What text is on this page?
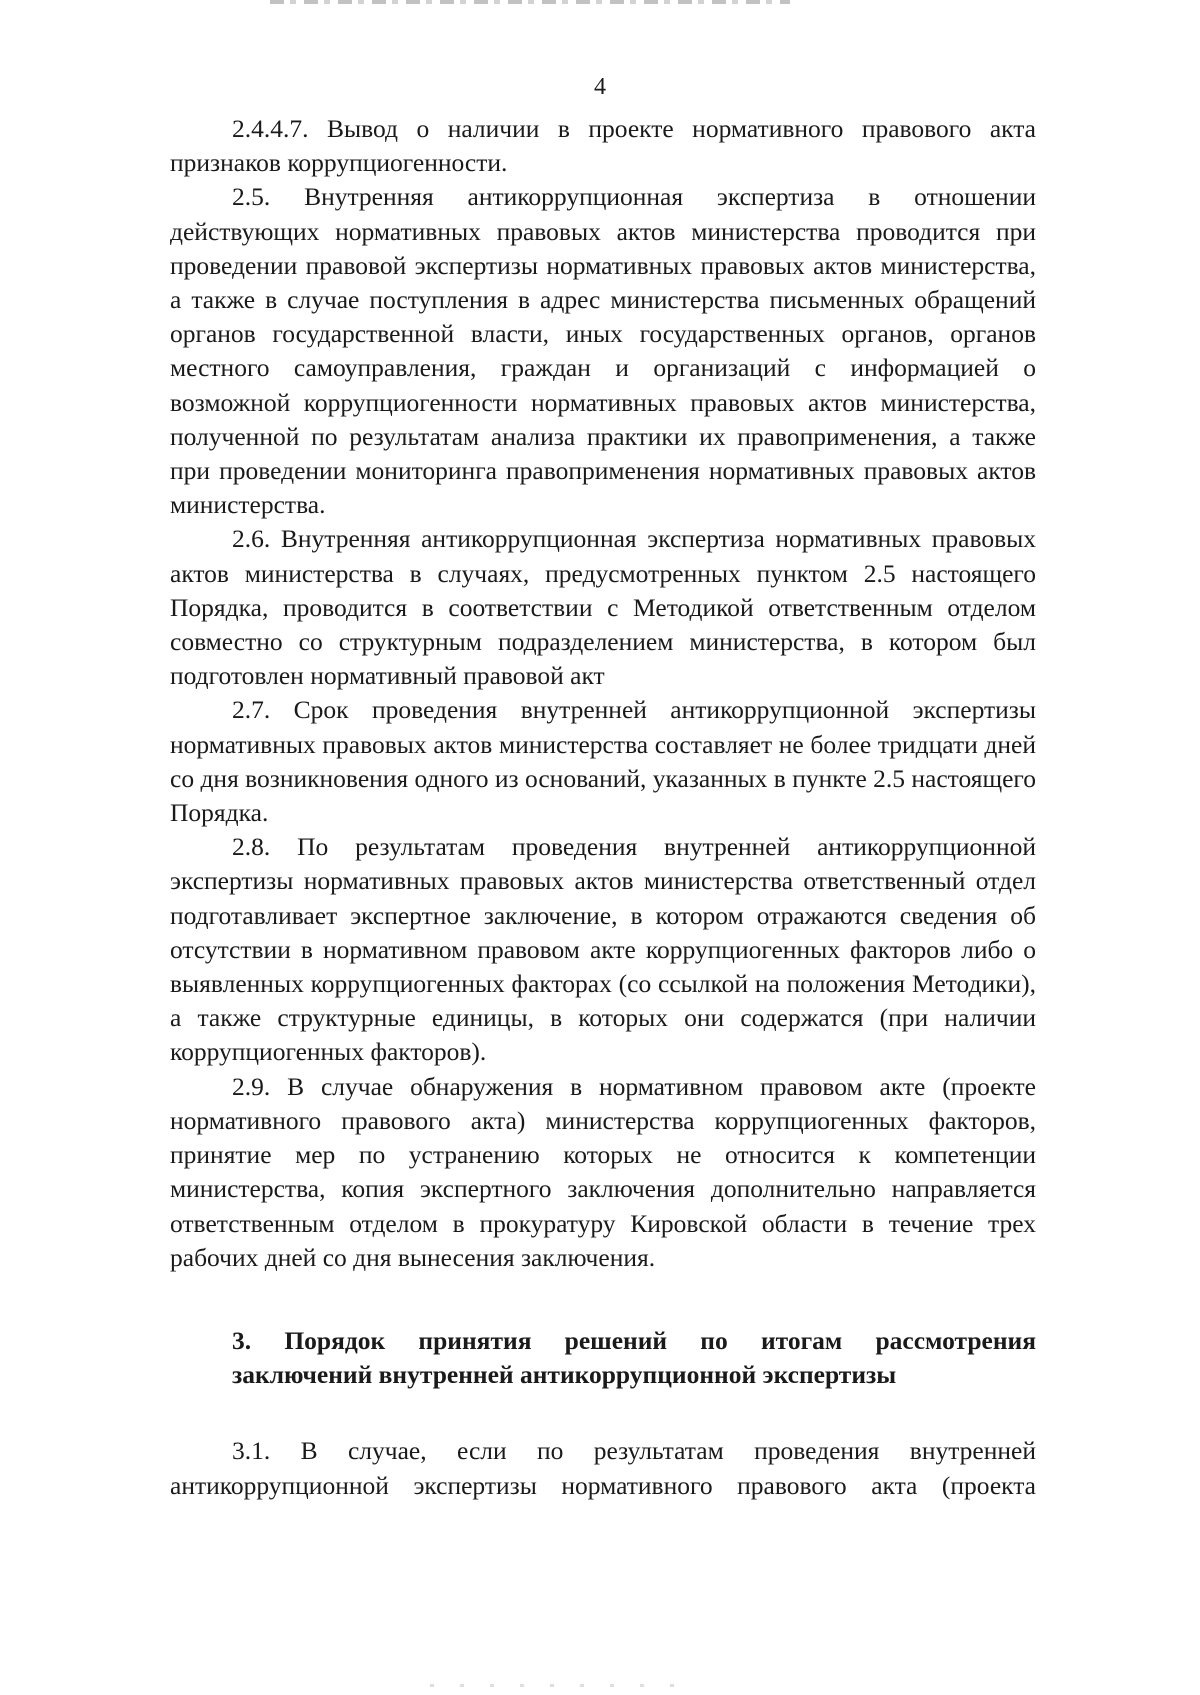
4

2.4.4.7. Вывод о наличии в проекте нормативного правового акта признаков коррупциогенности.

2.5. Внутренняя антикоррупционная экспертиза в отношении действующих нормативных правовых актов министерства проводится при проведении правовой экспертизы нормативных правовых актов министерства, а также в случае поступления в адрес министерства письменных обращений органов государственной власти, иных государственных органов, органов местного самоуправления, граждан и организаций с информацией о возможной коррупциогенности нормативных правовых актов министерства, полученной по результатам анализа практики их правоприменения, а также при проведении мониторинга правоприменения нормативных правовых актов министерства.

2.6. Внутренняя антикоррупционная экспертиза нормативных правовых актов министерства в случаях, предусмотренных пунктом 2.5 настоящего Порядка, проводится в соответствии с Методикой ответственным отделом совместно со структурным подразделением министерства, в котором был подготовлен нормативный правовой акт

2.7. Срок проведения внутренней антикоррупционной экспертизы нормативных правовых актов министерства составляет не более тридцати дней со дня возникновения одного из оснований, указанных в пункте 2.5 настоящего Порядка.

2.8. По результатам проведения внутренней антикоррупционной экспертизы нормативных правовых актов министерства ответственный отдел подготавливает экспертное заключение, в котором отражаются сведения об отсутствии в нормативном правовом акте коррупциогенных факторов либо о выявленных коррупциогенных факторах (со ссылкой на положения Методики), а также структурные единицы, в которых они содержатся (при наличии коррупциогенных факторов).

2.9. В случае обнаружения в нормативном правовом акте (проекте нормативного правового акта) министерства коррупциогенных факторов, принятие мер по устранению которых не относится к компетенции министерства, копия экспертного заключения дополнительно направляется ответственным отделом в прокуратуру Кировской области в течение трех рабочих дней со дня вынесения заключения.

3. Порядок принятия решений по итогам рассмотрения
заключений внутренней антикоррупционной экспертизы

3.1. В случае, если по результатам проведения внутренней антикоррупционной экспертизы нормативного правового акта (проекта
